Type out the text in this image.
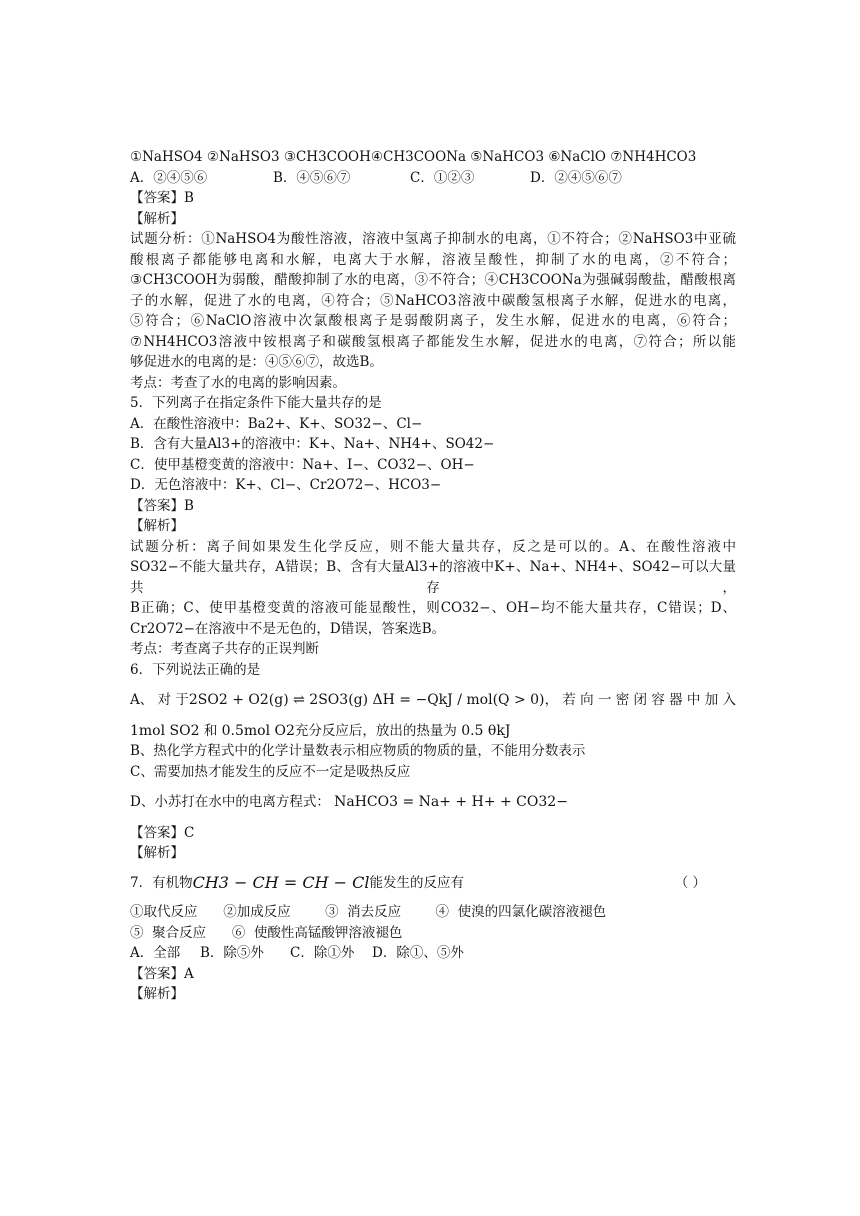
①NaHSO4 ②NaHSO3 ③CH3COOH④CH3COONa ⑤NaHCO3 ⑥NaClO ⑦NH4HCO3
A．②④⑤⑥	B．④⑤⑥⑦	C．①②③	D．②④⑤⑥⑦
【答案】B
【解析】
试题分析：①NaHSO4为酸性溶液，溶液中氢离子抑制水的电离，①不符合；②NaHSO3中亚硫
酸根离子都能够电离和水解，电离大于水解，溶液呈酸性，抑制了水的电离，②不符合；
③CH3COOH为弱酸，醋酸抑制了水的电离，③不符合；④CH3COONa为强碱弱酸盐，醋酸根离
子的水解，促进了水的电离，④符合；⑤NaHCO3溶液中碳酸氢根离子水解，促进水的电离，
⑤符合；⑥NaClO溶液中次氯酸根离子是弱酸阴离子，发生水解，促进水的电离，⑥符合；
⑦NH4HCO3溶液中铵根离子和碳酸氢根离子都能发生水解，促进水的电离，⑦符合；所以能
够促进水的电离的是：④⑤⑥⑦，故选B。
考点：考查了水的电离的影响因素。
5．下列离子在指定条件下能大量共存的是
A．在酸性溶液中：Ba2+、K+、SO32−、Cl−
B．含有大量Al3+的溶液中：K+、Na+、NH4+、SO42−
C．使甲基橙变黄的溶液中：Na+、I−、CO32−、OH−
D．无色溶液中：K+、Cl−、Cr2O72−、HCO3−
【答案】B
【解析】
试题分析：离子间如果发生化学反应，则不能大量共存，反之是可以的。A、在酸性溶液中
SO32−不能大量共存，A错误；B、含有大量Al3+的溶液中K+、Na+、NH4+、SO42−可以大量共存，
B正确；C、使甲基橙变黄的溶液可能显酸性，则CO32−、OH−均不能大量共存，C错误；D、
Cr2O72−在溶液中不是无色的，D错误，答案选B。
考点：考查离子共存的正误判断
6．下列说法正确的是
A、 对 于 2SO2 + O2(g) ⇌ 2SO3(g) ΔH = −QkJ / mol(Q > 0) ， 若 向 一 密 闭 容 器 中 加 入
1mol SO2 和 0.5mol O2充分反应后，放出的热量为 0.5 θkJ
B、热化学方程式中的化学计量数表示相应物质的物质的量，不能用分数表示
C、需要加热才能发生的反应不一定是吸热反应
D、小苏打在水中的电离方程式： NaHCO3 = Na+ + H+ + CO32−
【答案】C
【解析】
7．有机物 CH3 − CH = CH − Cl 能发生的反应有	（ ）
①取代反应      ②加成反应        ③  消去反应        ④  使溴的四氯化碳溶液褪色
⑤  聚合反应      ⑥  使酸性高锰酸钾溶液褪色
A．全部 B．除⑤外 C．除①外 D．除①、⑤外
【答案】A
【解析】
